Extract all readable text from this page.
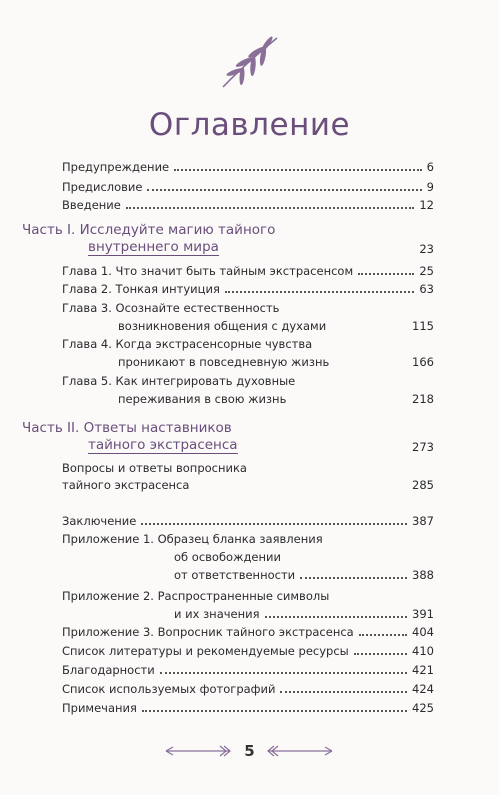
Оглавление
Предупреждение	6
Предисловие	9
Введение	12
Часть I. Исследуйте магию тайного
внутреннего мира	23
Глава 1. Что значит быть тайным экстрасенсом	25
Глава 2. Тонкая интуиция	63
Глава 3. Осознайте естественность
возникновения общения с духами	115
Глава 4. Когда экстрасенсорные чувства
проникают в повседневную жизнь	166
Глава 5. Как интегрировать духовные
переживания в свою жизнь	218
Часть II. Ответы наставников
тайного экстрасенса	273
Вопросы и ответы вопросника
тайного экстрасенса	285
Заключение	387
Приложение 1. Образец бланка заявления
об освобождении
от ответственности	388
Приложение 2. Распространенные символы
и их значения	391
Приложение 3. Вопросник тайного экстрасенса	404
Список литературы и рекомендуемые ресурсы	410
Благодарности	421
Список используемых фотографий	424
Примечания	425
5
